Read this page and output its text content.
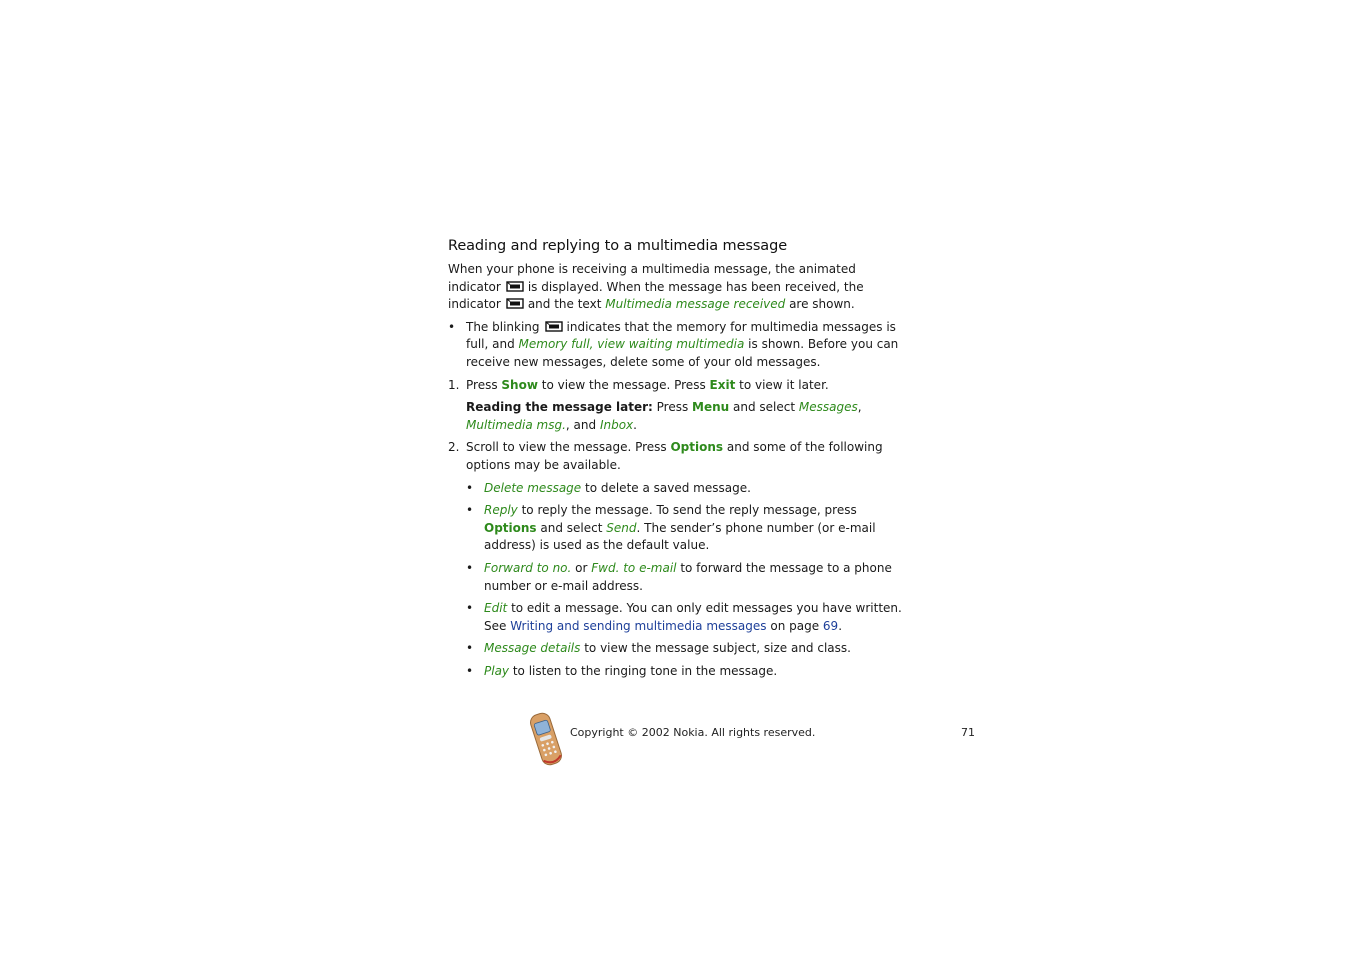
Reading and replying to a multimedia message

When your phone is receiving a multimedia message, the animated indicator is displayed. When the message has been received, the indicator and the text Multimedia message received are shown.

• The blinking indicates that the memory for multimedia messages is full, and Memory full, view waiting multimedia is shown. Before you can receive new messages, delete some of your old messages.
1. Press Show to view the message. Press Exit to view it later.
Reading the message later: Press Menu and select Messages, Multimedia msg., and Inbox.
2. Scroll to view the message. Press Options and some of the following options may be available.
• Delete message to delete a saved message.
• Reply to reply the message. To send the reply message, press Options and select Send. The sender’s phone number (or e-mail address) is used as the default value.
• Forward to no. or Fwd. to e-mail to forward the message to a phone number or e-mail address.
• Edit to edit a message. You can only edit messages you have written. See Writing and sending multimedia messages on page 69.
• Message details to view the message subject, size and class.
• Play to listen to the ringing tone in the message.
Copyright © 2002 Nokia. All rights reserved.	71
